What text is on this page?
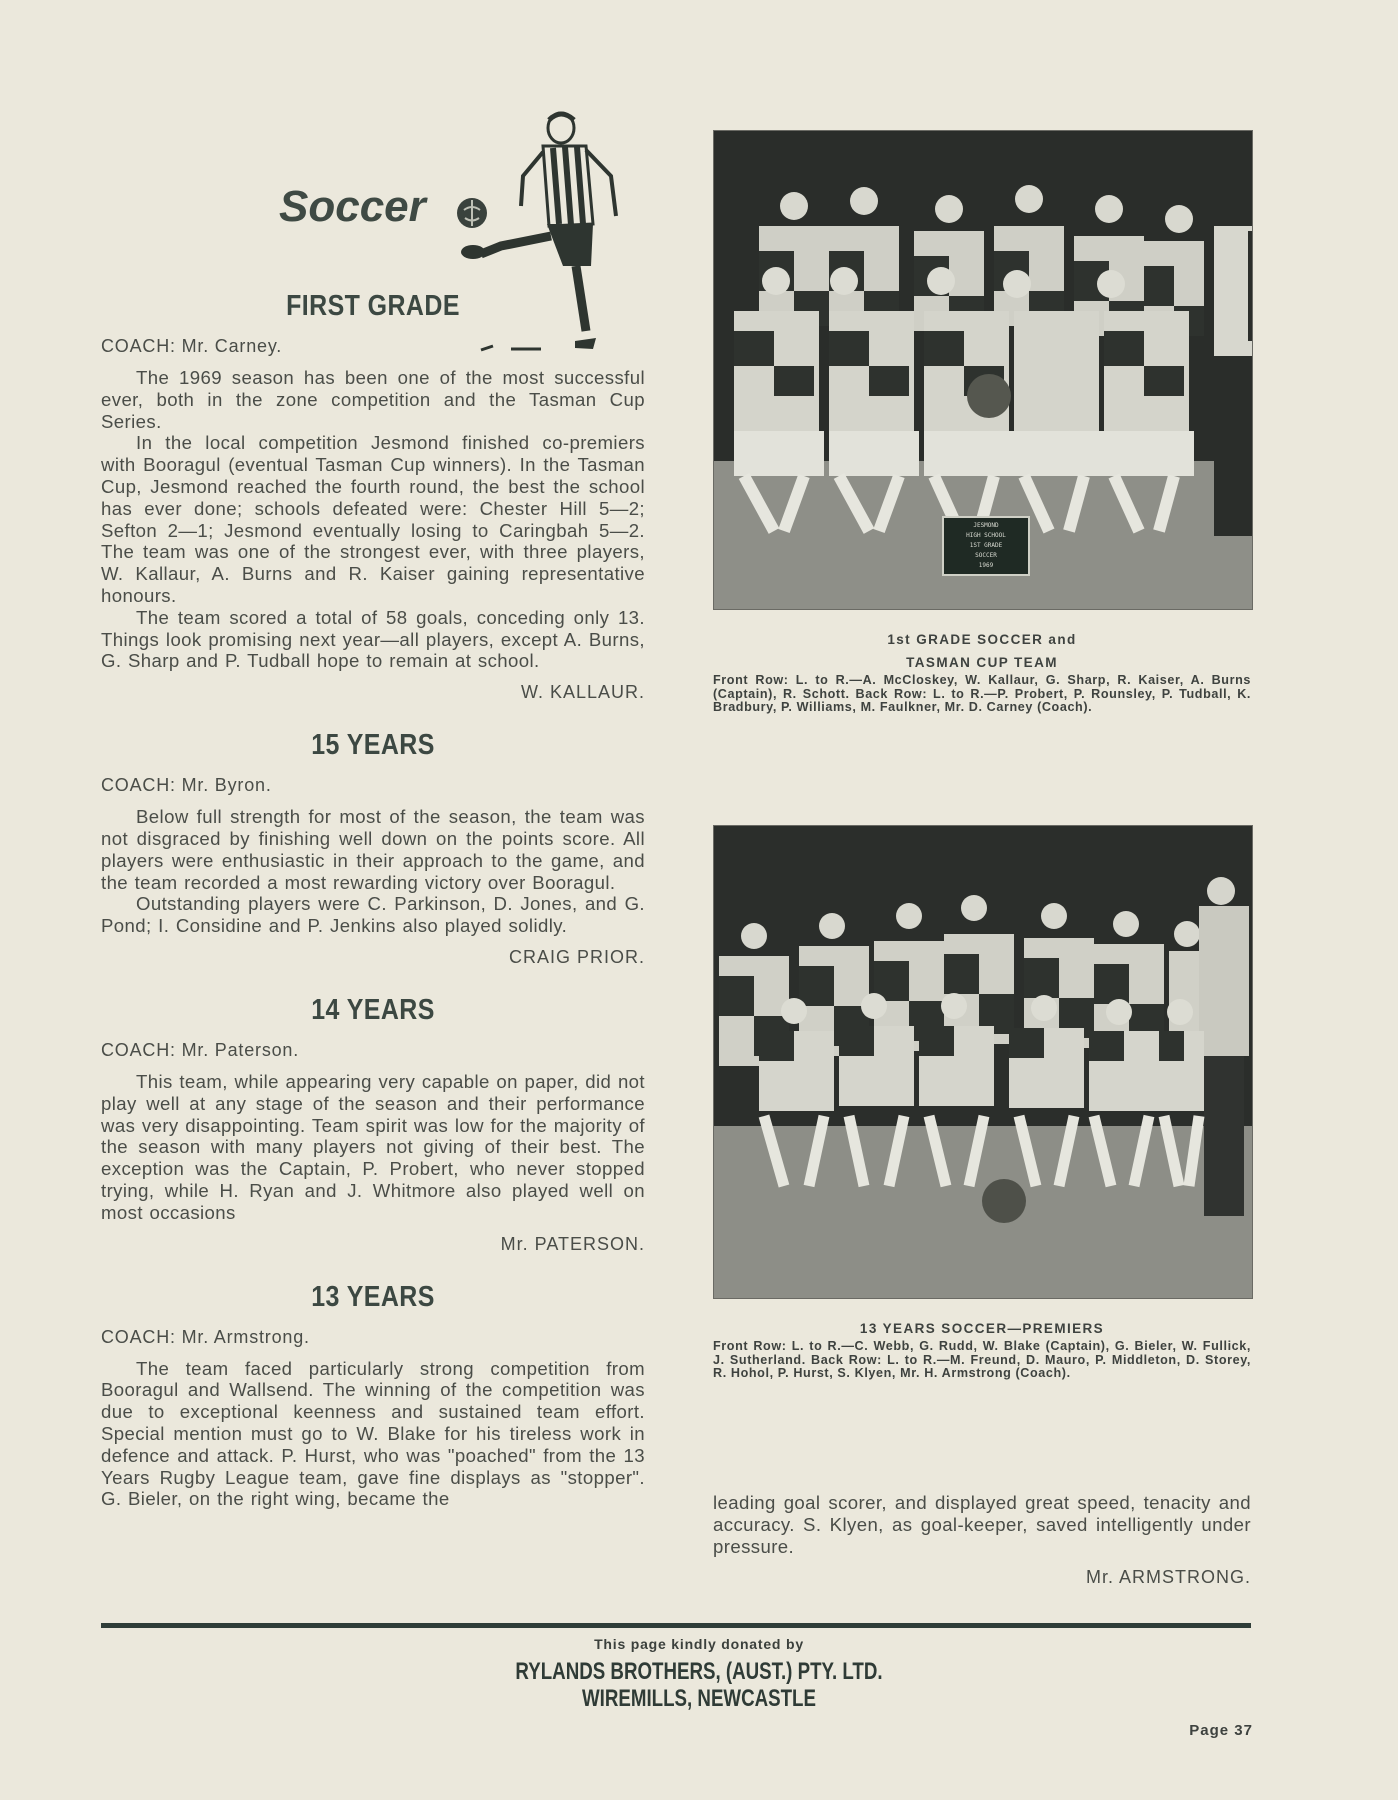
Soccer
FIRST GRADE
COACH: Mr. Carney.

The 1969 season has been one of the most successful ever, both in the zone competition and the Tasman Cup Series.

In the local competition Jesmond finished co-premiers with Booragul (eventual Tasman Cup winners). In the Tasman Cup, Jesmond reached the fourth round, the best the school has ever done; schools defeated were: Chester Hill 5—2; Sefton 2—1; Jesmond eventually losing to Caringbah 5—2. The team was one of the strongest ever, with three players, W. Kallaur, A. Burns and R. Kaiser gaining representative honours.

The team scored a total of 58 goals, conceding only 13. Things look promising next year—all players, except A. Burns, G. Sharp and P. Tudball hope to remain at school.

W. KALLAUR.
15 YEARS
COACH: Mr. Byron.

Below full strength for most of the season, the team was not disgraced by finishing well down on the points score. All players were enthusiastic in their approach to the game, and the team recorded a most rewarding victory over Booragul.

Outstanding players were C. Parkinson, D. Jones, and G. Pond; I. Considine and P. Jenkins also played solidly.

CRAIG PRIOR.
14 YEARS
COACH: Mr. Paterson.

This team, while appearing very capable on paper, did not play well at any stage of the season and their performance was very disappointing. Team spirit was low for the majority of the season with many players not giving of their best. The exception was the Captain, P. Probert, who never stopped trying, while H. Ryan and J. Whitmore also played well on most occasions

Mr. PATERSON.
13 YEARS
COACH: Mr. Armstrong.

The team faced particularly strong competition from Booragul and Wallsend. The winning of the competition was due to exceptional keenness and sustained team effort. Special mention must go to W. Blake for his tireless work in defence and attack. P. Hurst, who was "poached" from the 13 Years Rugby League team, gave fine displays as "stopper". G. Bieler, on the right wing, became the

JESMOND
HIGH SCHOOL
1ST GRADE
SOCCER
1969
1st GRADE SOCCER and
TASMAN CUP TEAM

Front Row: L. to R.—A. McCloskey, W. Kallaur, G. Sharp, R. Kaiser, A. Burns (Captain), R. Schott. Back Row: L. to R.—P. Probert, P. Rounsley, P. Tudball, K. Bradbury, P. Williams, M. Faulkner, Mr. D. Carney (Coach).

13 YEARS SOCCER—PREMIERS

Front Row: L. to R.—C. Webb, G. Rudd, W. Blake (Captain), G. Bieler, W. Fullick, J. Sutherland. Back Row: L. to R.—M. Freund, D. Mauro, P. Middleton, D. Storey, R. Hohol, P. Hurst, S. Klyen, Mr. H. Armstrong (Coach).

leading goal scorer, and displayed great speed, tenacity and accuracy. S. Klyen, as goal-keeper, saved intelligently under pressure.

Mr. ARMSTRONG.

This page kindly donated by

RYLANDS BROTHERS, (AUST.) PTY. LTD.

WIREMILLS, NEWCASTLE

Page 37
